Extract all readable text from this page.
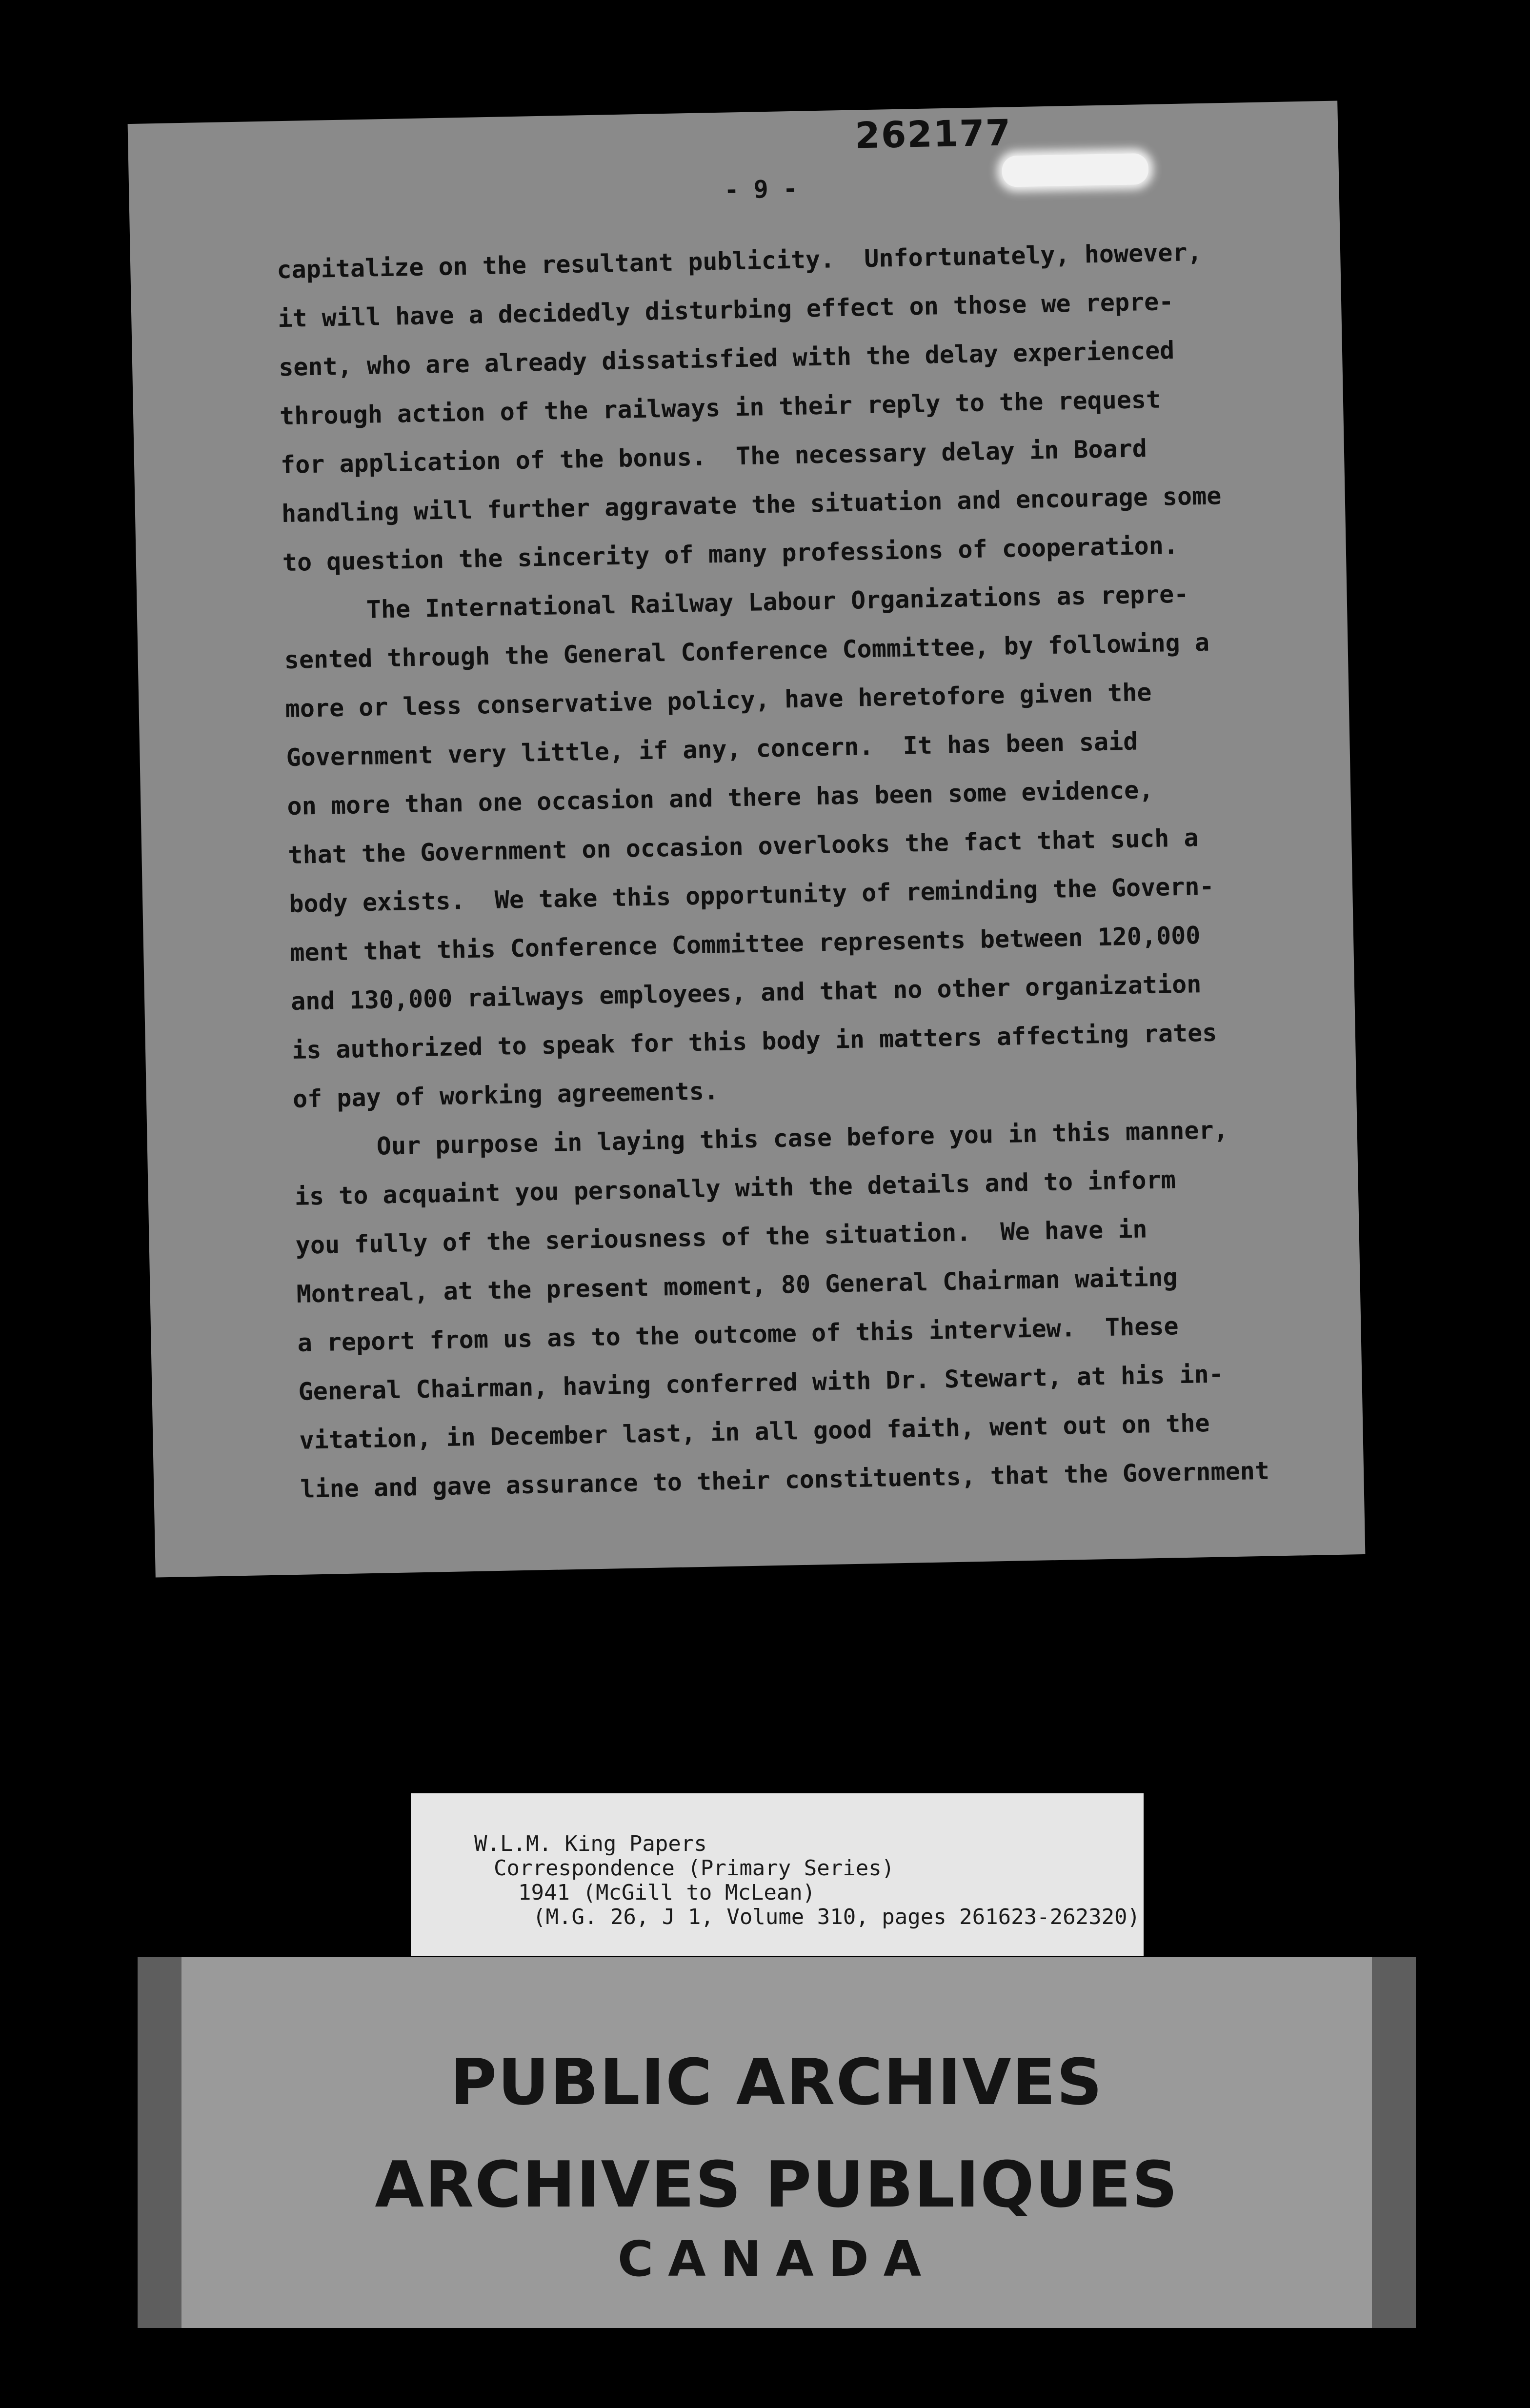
262177
- 9 -
capitalize on the resultant publicity.  Unfortunately, however,
it will have a decidedly disturbing effect on those we repre-
sent, who are already dissatisfied with the delay experienced
through action of the railways in their reply to the request
for application of the bonus.  The necessary delay in Board
handling will further aggravate the situation and encourage some
to question the sincerity of many professions of cooperation.
The International Railway Labour Organizations as repre-
sented through the General Conference Committee, by following a
more or less conservative policy, have heretofore given the
Government very little, if any, concern.  It has been said
on more than one occasion and there has been some evidence,
that the Government on occasion overlooks the fact that such a
body exists.  We take this opportunity of reminding the Govern-
ment that this Conference Committee represents between 120,000
and 130,000 railways employees, and that no other organization
is authorized to speak for this body in matters affecting rates
of pay of working agreements.
Our purpose in laying this case before you in this manner,
is to acquaint you personally with the details and to inform
you fully of the seriousness of the situation.  We have in
Montreal, at the present moment, 80 General Chairman waiting
a report from us as to the outcome of this interview.  These
General Chairman, having conferred with Dr. Stewart, at his in-
vitation, in December last, in all good faith, went out on the
line and gave assurance to their constituents, that the Government
W.L.M. King Papers
Correspondence (Primary Series)
1941 (McGill to McLean)
(M.G. 26, J 1, Volume 310, pages 261623-262320)
PUBLIC ARCHIVES
ARCHIVES PUBLIQUES
CANADA
